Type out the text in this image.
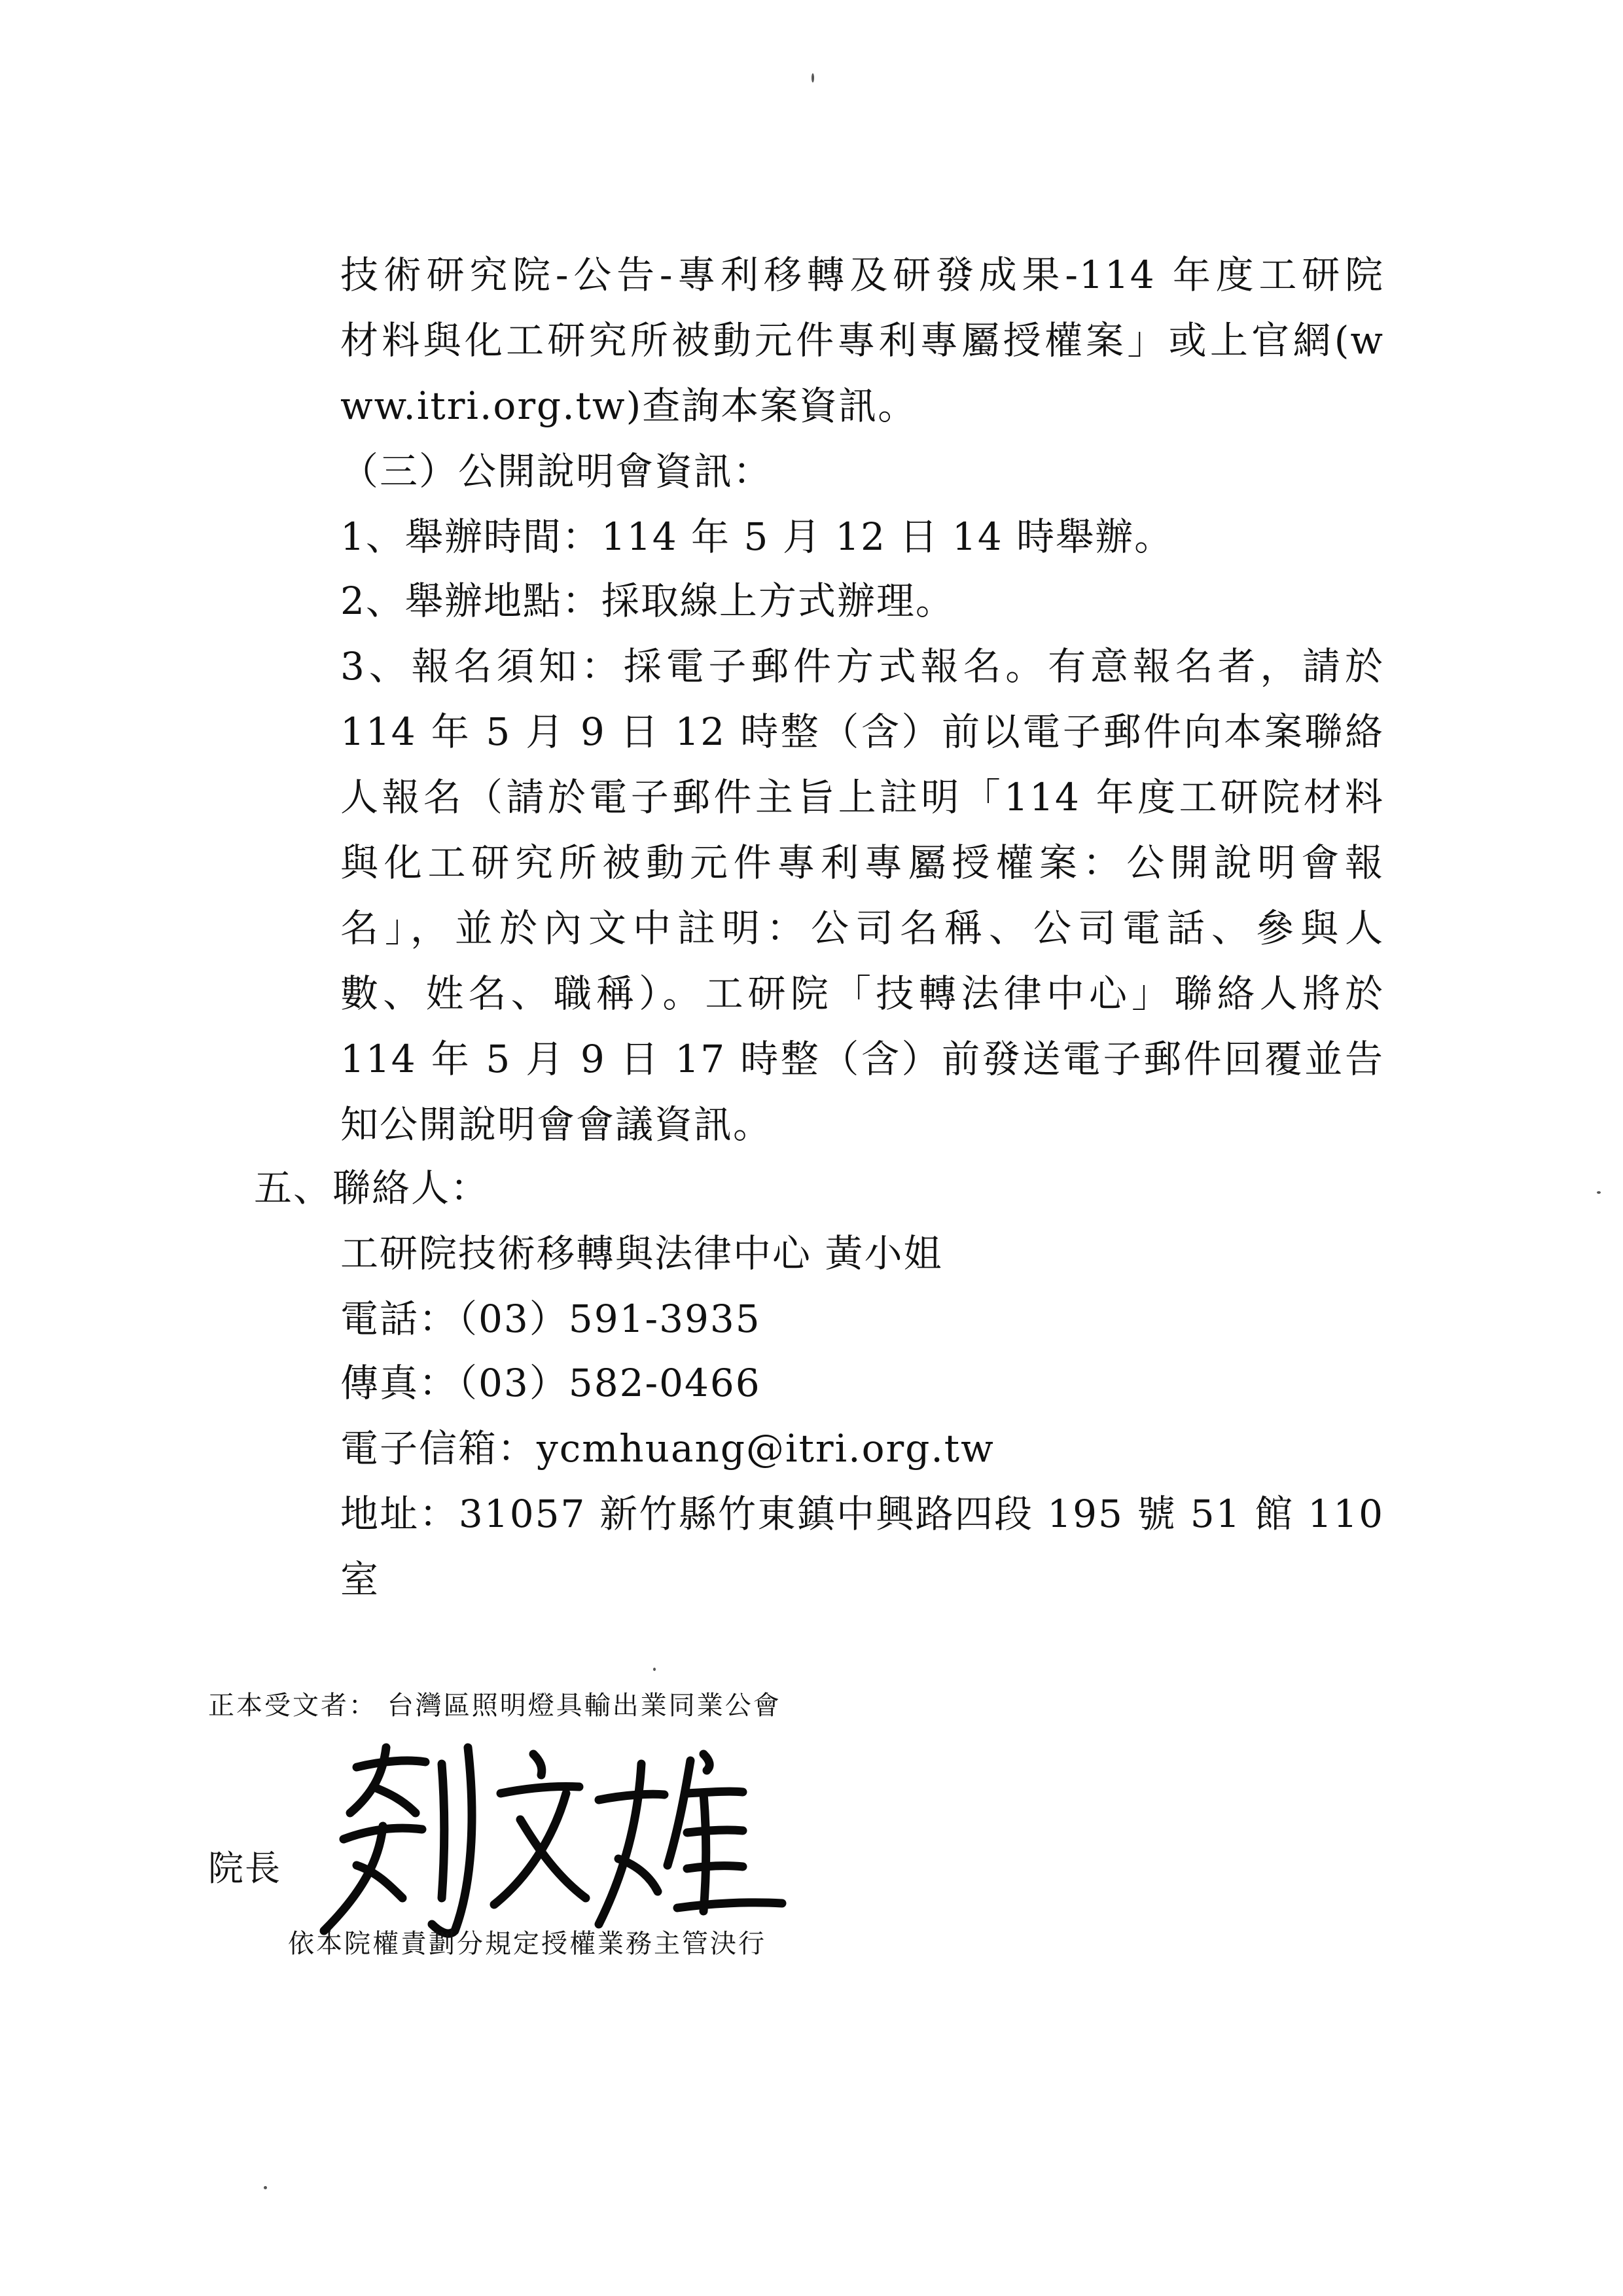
技術研究院-公告-專利移轉及研發成果-114 年度工研院
材料與化工研究所被動元件專利專屬授權案」或上官網(w
ww.itri.org.tw)查詢本案資訊。
（三）公開說明會資訊：
1、舉辦時間：114 年 5 月 12 日 14 時舉辦。
2、舉辦地點：採取線上方式辦理。
3、報名須知：採電子郵件方式報名。有意報名者，請於
114 年 5 月 9 日 12 時整（含）前以電子郵件向本案聯絡
人報名（請於電子郵件主旨上註明「114 年度工研院材料
與化工研究所被動元件專利專屬授權案：公開說明會報
名」，並於內文中註明：公司名稱、公司電話、參與人
數、姓名、職稱）。工研院「技轉法律中心」聯絡人將於
114 年 5 月 9 日 17 時整（含）前發送電子郵件回覆並告
知公開說明會會議資訊。
五、聯絡人：
工研院技術移轉與法律中心 黃小姐
電話：（03）591-3935
傳真：（03）582-0466
電子信箱：ycmhuang@itri.org.tw
地址：31057 新竹縣竹東鎮中興路四段 195 號 51 館 110
室
正本受文者： 台灣區照明燈具輸出業同業公會
院長
依本院權責劃分規定授權業務主管決行
